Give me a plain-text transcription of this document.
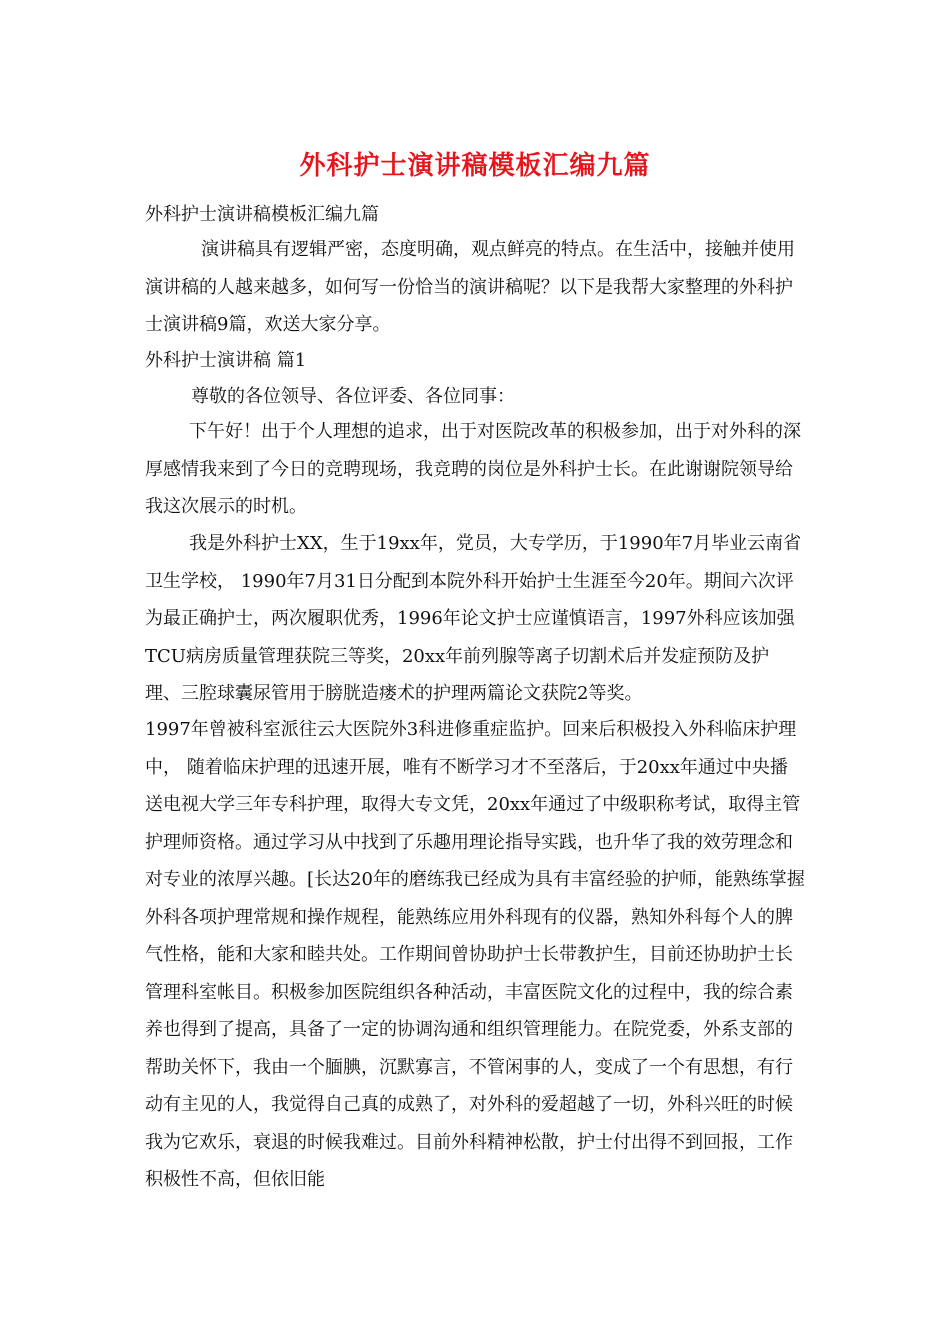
外科护士演讲稿模板汇编九篇
外科护士演讲稿模板汇编九篇
演讲稿具有逻辑严密，态度明确，观点鲜亮的特点。在生活中，接触并使用演讲稿的人越来越多，如何写一份恰当的演讲稿呢？以下是我帮大家整理的外科护士演讲稿9篇，欢送大家分享。
外科护士演讲稿 篇1
尊敬的各位领导、各位评委、各位同事：
下午好！出于个人理想的追求，出于对医院改革的积极参加，出于对外科的深厚感情我来到了今日的竞聘现场，我竞聘的岗位是外科护士长。在此谢谢院领导给我这次展示的时机。
我是外科护士XX，生于19xx年，党员，大专学历，于1990年7月毕业云南省卫生学校， 1990年7月31日分配到本院外科开始护士生涯至今20年。期间六次评为最正确护士，两次履职优秀，1996年论文护士应谨慎语言，1997外科应该加强TCU病房质量管理获院三等奖，20xx年前列腺等离子切割术后并发症预防及护理、三腔球囊尿管用于膀胱造瘘术的护理两篇论文获院2等奖。
1997年曾被科室派往云大医院外3科进修重症监护。回来后积极投入外科临床护理中， 随着临床护理的迅速开展，唯有不断学习才不至落后，于20xx年通过中央播送电视大学三年专科护理，取得大专文凭，20xx年通过了中级职称考试，取得主管护理师资格。通过学习从中找到了乐趣用理论指导实践，也升华了我的效劳理念和对专业的浓厚兴趣。[长达20年的磨练我已经成为具有丰富经验的护师，能熟练掌握外科各项护理常规和操作规程，能熟练应用外科现有的仪器，熟知外科每个人的脾气性格，能和大家和睦共处。工作期间曾协助护士长带教护生，目前还协助护士长管理科室帐目。积极参加医院组织各种活动，丰富医院文化的过程中，我的综合素养也得到了提高，具备了一定的协调沟通和组织管理能力。在院党委，外系支部的帮助关怀下，我由一个腼腆，沉默寡言，不管闲事的人，变成了一个有思想，有行动有主见的人，我觉得自己真的成熟了，对外科的爱超越了一切，外科兴旺的时候我为它欢乐，衰退的时候我难过。目前外科精神松散，护士付出得不到回报，工作积极性不高，但依旧能
